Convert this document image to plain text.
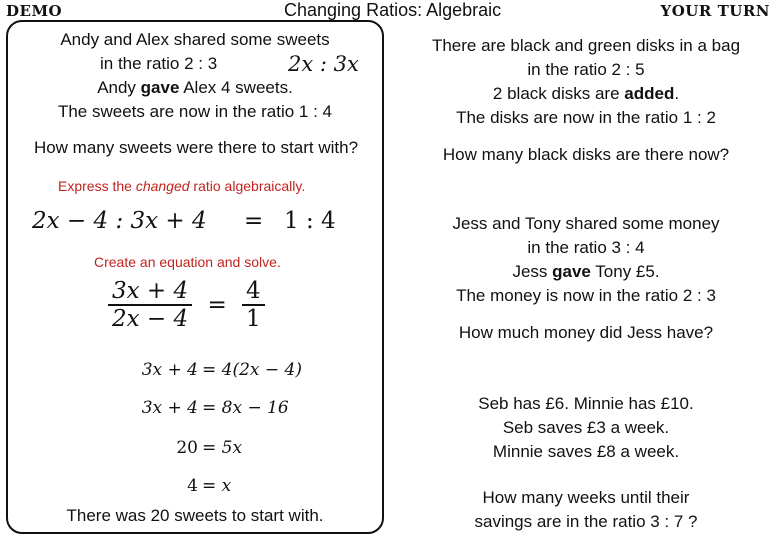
DEMO	Changing Ratios: Algebraic	YOUR TURN
Andy and Alex shared some sweets
in the ratio 2 : 3
Andy gave Alex 4 sweets.
The sweets are now in the ratio 1 : 4
2x : 3x
How many sweets were there to start with?
Express the changed ratio algebraically.
2x − 4 : 3x + 4 = 1 : 4
Create an equation and solve.
$\frac{3x + 4}{2x - 4} = \frac{4}{1}$
3x + 4 = 4(2x − 4)
3x + 4 = 8x − 16
20 = 5x
4 = x
There was 20 sweets to start with.
There are black and green disks in a bag
in the ratio 2 : 5
2 black disks are added.
The disks are now in the ratio 1 : 2
How many black disks are there now?
Jess and Tony shared some money
in the ratio 3 : 4
Jess gave Tony £5.
The money is now in the ratio 2 : 3
How much money did Jess have?
Seb has £6. Minnie has £10.
Seb saves £3 a week.
Minnie saves £8 a week.
How many weeks until their
savings are in the ratio 3 : 7 ?
